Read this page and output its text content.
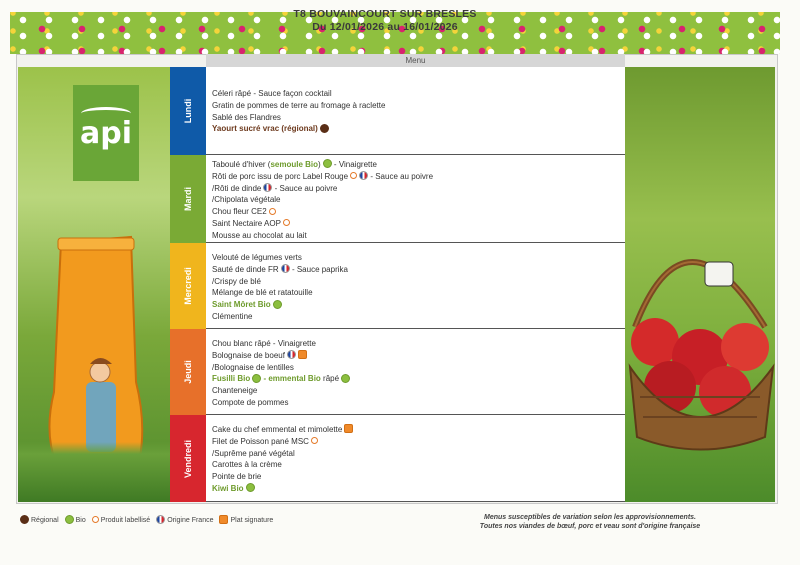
T8 BOUVAINCOURT SUR BRESLES
Du 12/01/2026 au 16/01/2026
api
Menu
Lundi
Mardi
Mercredi
Jeudi
Vendredi
Céleri râpé - Sauce façon cocktail
Gratin de pommes de terre au fromage à raclette
Sablé des Flandres
Yaourt sucré vrac (régional)
Taboulé d'hiver (semoule Bio) - Vinaigrette
Rôti de porc issu de porc Label Rouge	- Sauce au poivre
/Rôti de dinde - Sauce au poivre
/Chipolata végétale
Chou fleur CE2
Saint Nectaire AOP
Mousse au chocolat au lait
Velouté de légumes verts
Sauté de dinde FR - Sauce paprika
/Crispy de blé
Mélange de blé et ratatouille
Saint Môret Bio
Clémentine
Chou blanc râpé - Vinaigrette
Bolognaise de boeuf
/Bolognaise de lentilles
Fusilli Bio - emmental Bio râpé
Chanteneige
Compote de pommes
Cake du chef emmental et mimolette
Filet de Poisson pané MSC
/Suprême pané végétal
Carottes à la crème
Pointe de brie
Kiwi Bio
Régional Bio Produit labellisé Origine France Plat signature	Menus susceptibles de variation selon les approvisionnements.
Toutes nos viandes de bœuf, porc et veau sont d'origine française
